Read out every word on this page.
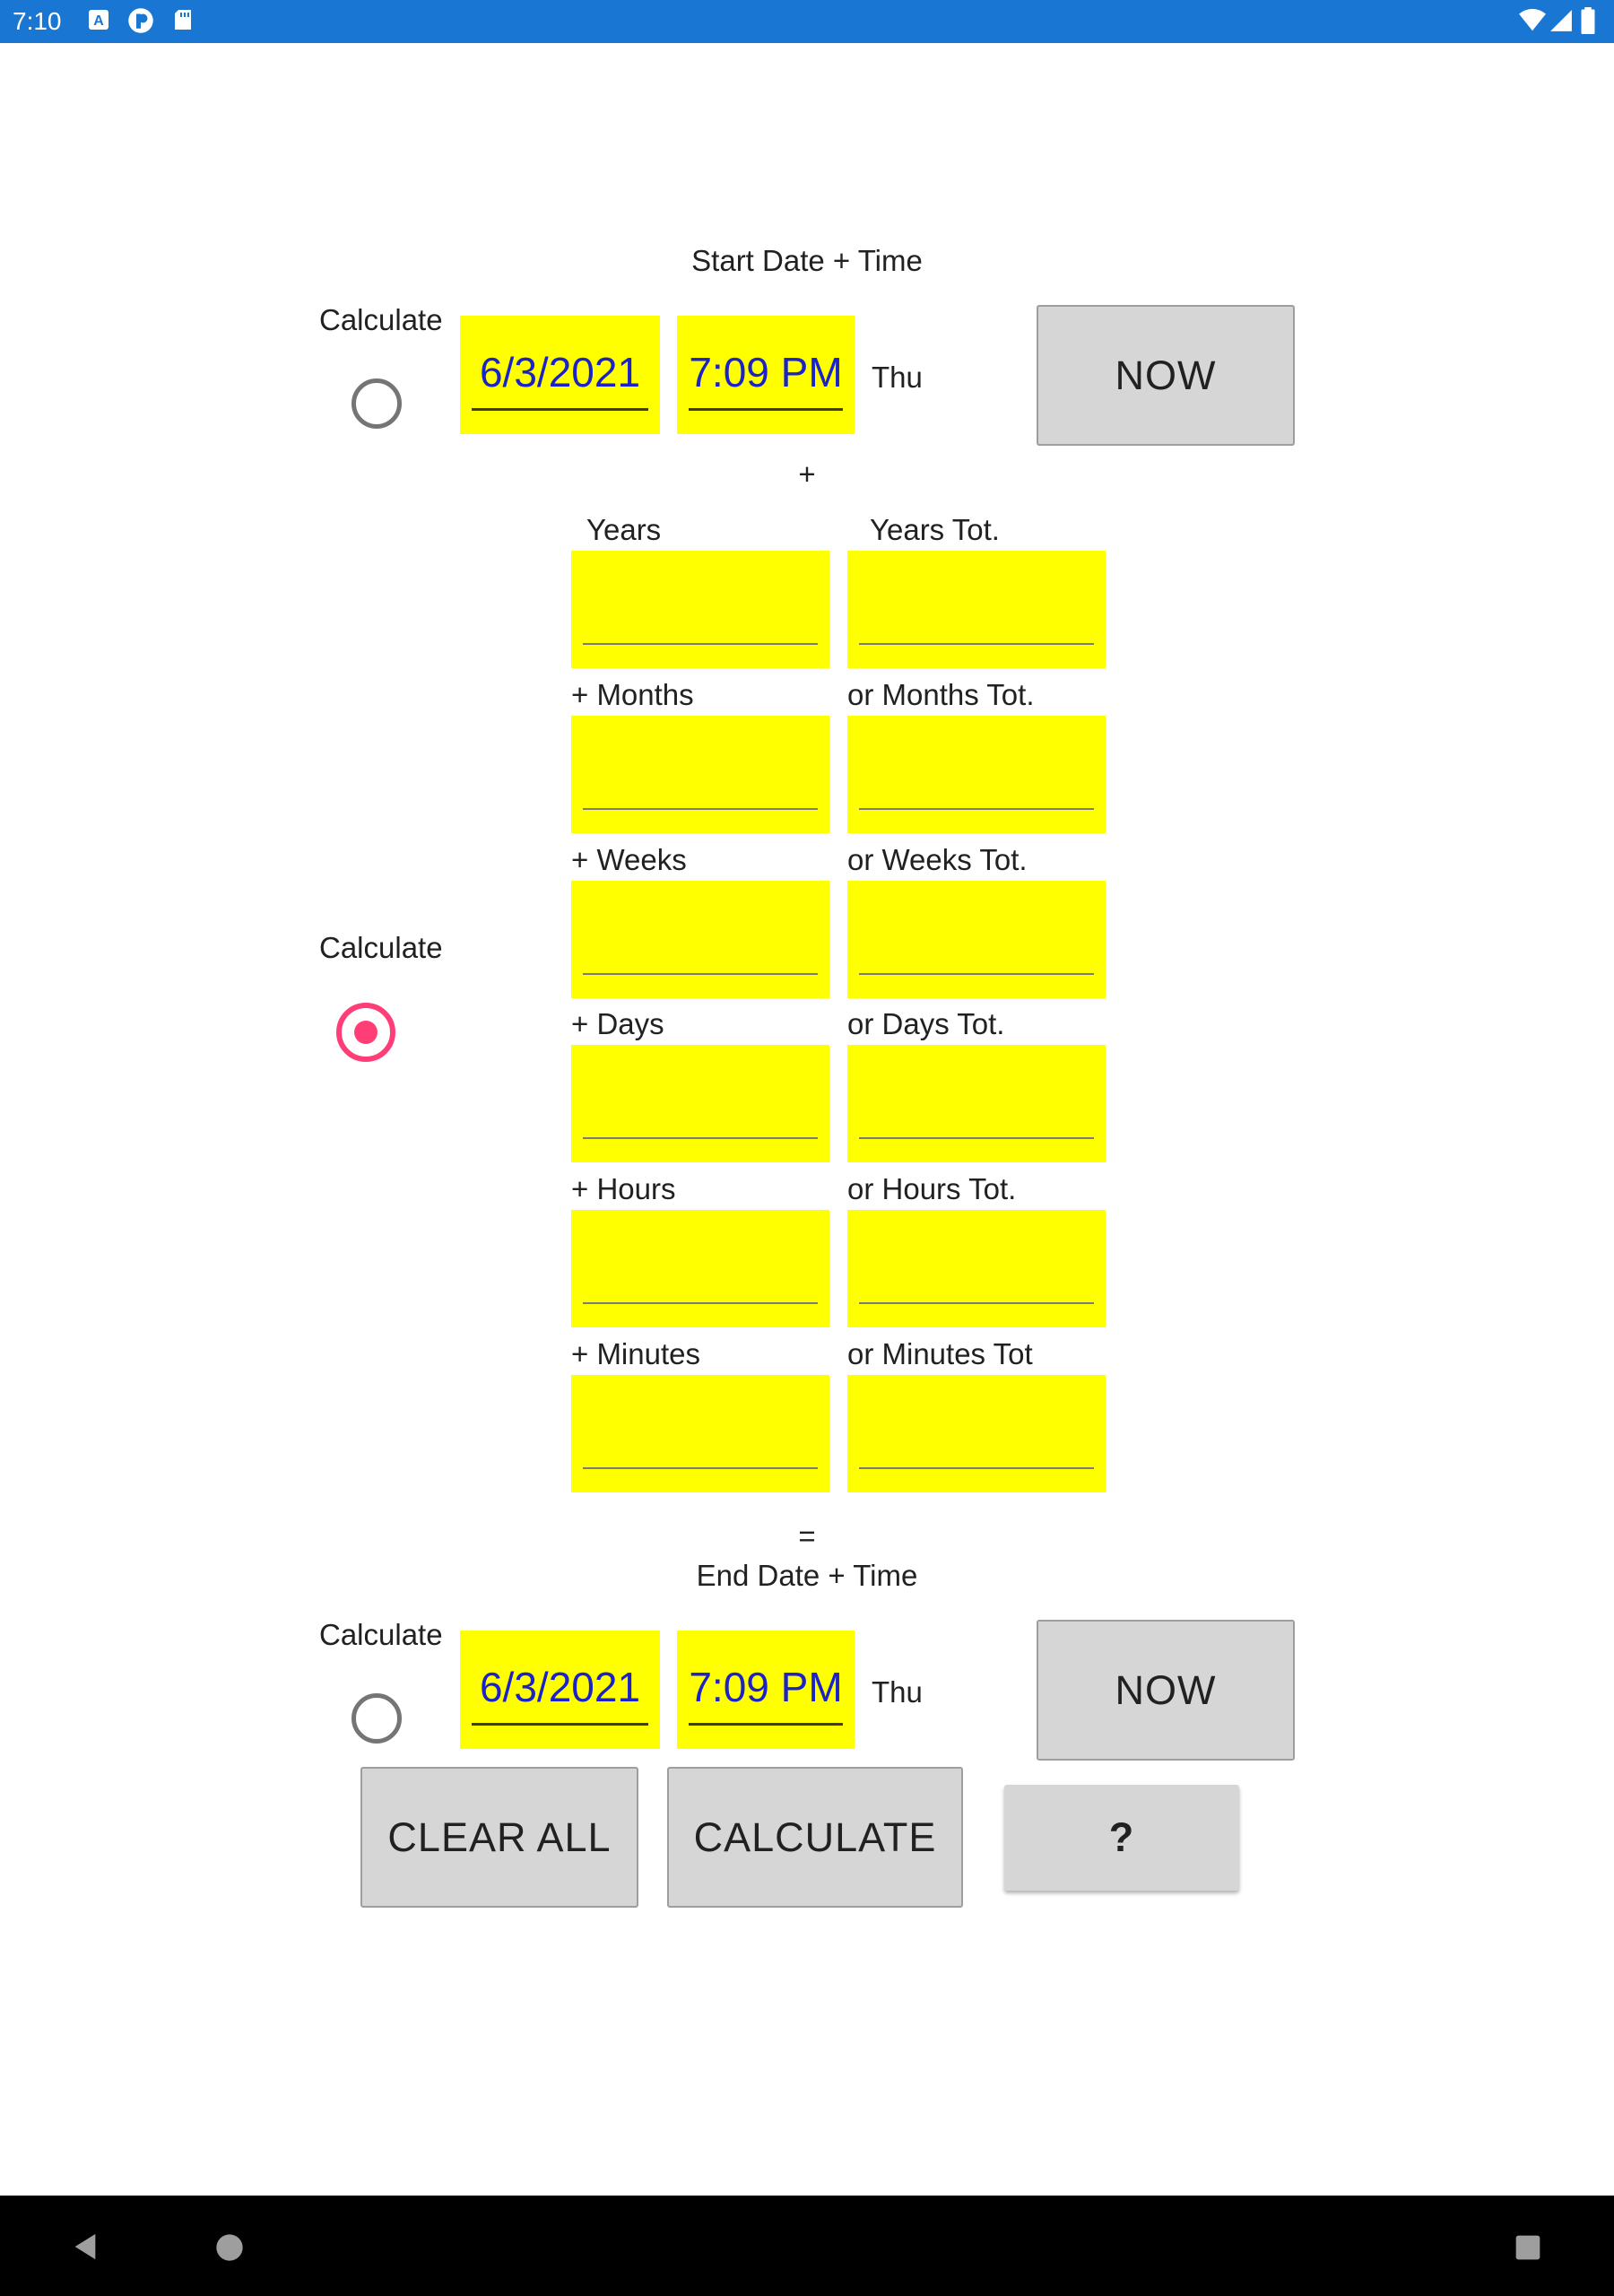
7:10 A
Start Date + Time
Calculate
6/3/2021	7:09 PM Thu	NOW
+
Calculate
Years	Years Tot.
+ Months	or Months Tot.
+ Weeks	or Weeks Tot.
+ Days	or Days Tot.
+ Hours	or Hours Tot.
+ Minutes	or Minutes Tot
=
End Date + Time
Calculate
6/3/2021	7:09 PM Thu	NOW
CLEAR ALL	CALCULATE	?
